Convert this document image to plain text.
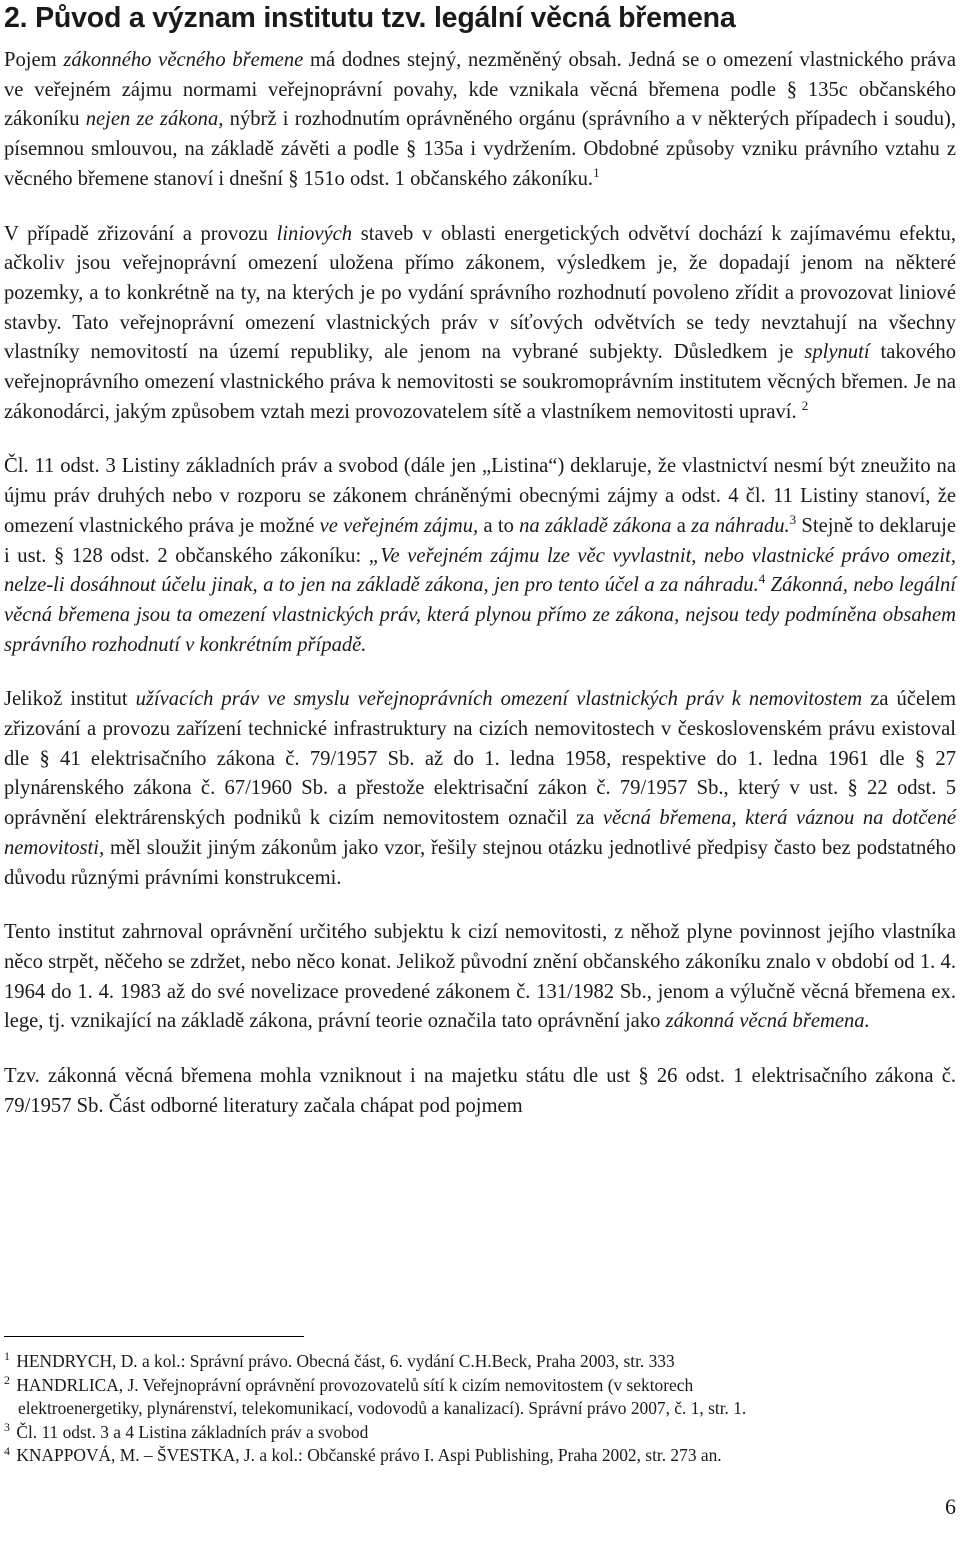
2. Původ a význam institutu tzv. legální věcná břemena

Pojem zákonného věcného břemene má dodnes stejný, nezměněný obsah. Jedná se o omezení vlastnického práva ve veřejném zájmu normami veřejnoprávní povahy, kde vznikala věcná břemena podle § 135c občanského zákoníku nejen ze zákona, nýbrž i rozhodnutím oprávněného orgánu (správního a v některých případech i soudu), písemnou smlouvou, na základě závěti a podle § 135a i vydržením. Obdobné způsoby vzniku právního vztahu z věcného břemene stanoví i dnešní § 151o odst. 1 občanského zákoníku.$^1$

V případě zřizování a provozu liniových staveb v oblasti energetických odvětví dochází k zajímavému efektu, ačkoliv jsou veřejnoprávní omezení uložena přímo zákonem, výsledkem je, že dopadají jenom na některé pozemky, a to konkrétně na ty, na kterých je po vydání správního rozhodnutí povoleno zřídit a provozovat liniové stavby. Tato veřejnoprávní omezení vlastnických práv v síťových odvětvích se tedy nevztahují na všechny vlastníky nemovitostí na území republiky, ale jenom na vybrané subjekty. Důsledkem je splynutí takového veřejnoprávního omezení vlastnického práva k nemovitosti se soukromoprávním institutem věcných břemen. Je na zákonodárci, jakým způsobem vztah mezi provozovatelem sítě a vlastníkem nemovitosti upraví. $^2$

Čl. 11 odst. 3 Listiny základních práv a svobod (dále jen „Listina“) deklaruje, že vlastnictví nesmí být zneužito na újmu práv druhých nebo v rozporu se zákonem chráněnými obecnými zájmy a odst. 4 čl. 11 Listiny stanoví, že omezení vlastnického práva je možné ve veřejném zájmu, a to na základě zákona a za náhradu.$^3$ Stejně to deklaruje i ust. § 128 odst. 2 občanského zákoníku: „Ve veřejném zájmu lze věc vyvlastnit, nebo vlastnické právo omezit, nelze-li dosáhnout účelu jinak, a to jen na základě zákona, jen pro tento účel a za náhradu.$^4$ Zákonná, nebo legální věcná břemena jsou ta omezení vlastnických práv, která plynou přímo ze zákona, nejsou tedy podmíněna obsahem správního rozhodnutí v konkrétním případě.

Jelikož institut užívacích práv ve smyslu veřejnoprávních omezení vlastnických práv k nemovitostem za účelem zřizování a provozu zařízení technické infrastruktury na cizích nemovitostech v československém právu existoval dle § 41 elektrisačního zákona č. 79/1957 Sb. až do 1. ledna 1958, respektive do 1. ledna 1961 dle § 27 plynárenského zákona č. 67/1960 Sb. a přestože elektrisační zákon č. 79/1957 Sb., který v ust. § 22 odst. 5 oprávnění elektrárenských podniků k cizím nemovitostem označil za věcná břemena, která váznou na dotčené nemovitosti, měl sloužit jiným zákonům jako vzor, řešily stejnou otázku jednotlivé předpisy často bez podstatného důvodu různými právními konstrukcemi.

Tento institut zahrnoval oprávnění určitého subjektu k cizí nemovitosti, z něhož plyne povinnost jejího vlastníka něco strpět, něčeho se zdržet, nebo něco konat. Jelikož původní znění občanského zákoníku znalo v období od 1. 4. 1964 do 1. 4. 1983 až do své novelizace provedené zákonem č. 131/1982 Sb., jenom a výlučně věcná břemena ex. lege, tj. vznikající na základě zákona, právní teorie označila tato oprávnění jako zákonná věcná břemena.

Tzv. zákonná věcná břemena mohla vzniknout i na majetku státu dle ust § 26 odst. 1 elektrisačního zákona č. 79/1957 Sb. Část odborné literatury začala chápat pod pojmem

$^1$ HENDRYCH, D. a kol.: Správní právo. Obecná část, 6. vydání C.H.Beck, Praha 2003, str. 333

$^2$ HANDRLICA, J. Veřejnoprávní oprávnění provozovatelů sítí k cizím nemovitostem (v sektorech
elektroenergetiky, plynárenství, telekomunikací, vodovodů a kanalizací). Správní právo 2007, č. 1, str. 1.

$^3$ Čl. 11 odst. 3 a 4 Listina základních práv a svobod

$^4$ KNAPPOVÁ, M. – ŠVESTKA, J. a kol.: Občanské právo I. Aspi Publishing, Praha 2002, str. 273 an.

6
